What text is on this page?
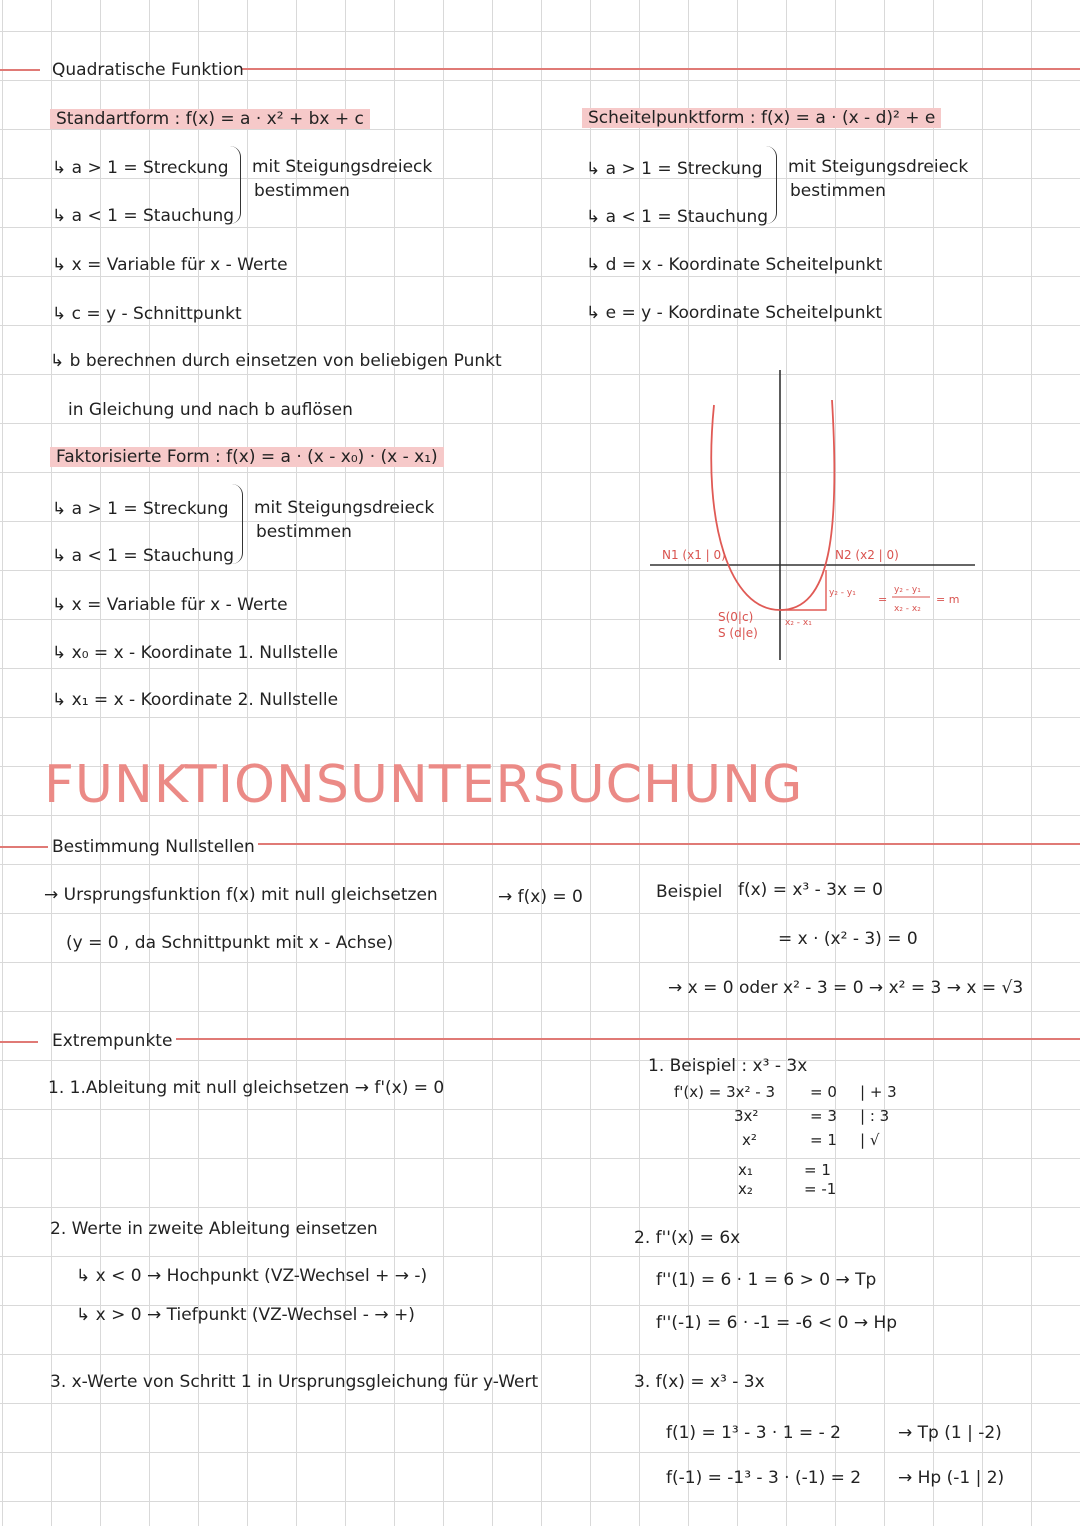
Quadratische Funktion
Standartform : f(x) = a · x² + bx + c
↳ a > 1 = Streckung
↳ a < 1 = Stauchung
mit Steigungsdreieck
bestimmen
↳ x = Variable für x - Werte
↳ c = y - Schnittpunkt
↳ b berechnen durch einsetzen von beliebigen Punkt
in Gleichung und nach b auflösen
Scheitelpunktform : f(x) = a · (x - d)² + e
↳ a > 1 = Streckung
↳ a < 1 = Stauchung
mit Steigungsdreieck
bestimmen
↳ d = x - Koordinate Scheitelpunkt
↳ e = y - Koordinate Scheitelpunkt
Faktorisierte Form : f(x) = a · (x - x₀) · (x - x₁)
↳ a > 1 = Streckung
↳ a < 1 = Stauchung
mit Steigungsdreieck
bestimmen
↳ x = Variable für x - Werte
↳ x₀ = x - Koordinate 1. Nullstelle
↳ x₁ = x - Koordinate 2. Nullstelle
N1 (x1 | 0)	N2 (x2 | 0)
S(0|c)
S (d|e)
y₂ - y₁
x₂ - x₁
=
y₂ - y₁
x₂ - x₂
= m
FUNKTIONSUNTERSUCHUNG
Bestimmung Nullstellen
→ Ursprungsfunktion f(x) mit null gleichsetzen	→ f(x) = 0
(y = 0 , da Schnittpunkt mit x - Achse)
Beispiel f(x) = x³ - 3x = 0
= x · (x² - 3) = 0
→ x = 0 oder x² - 3 = 0 → x² = 3 → x = √3
Extrempunkte
1. 1.Ableitung mit null gleichsetzen → f'(x) = 0
2. Werte in zweite Ableitung einsetzen
↳ x < 0 → Hochpunkt (VZ-Wechsel + → -)
↳ x > 0 → Tiefpunkt (VZ-Wechsel - → +)
3. x-Werte von Schritt 1 in Ursprungsgleichung für y-Wert
1. Beispiel : x³ - 3x
f'(x) = 3x² - 3 = 0 | + 3
3x²	= 3 | : 3
x²	= 1 | √
x₁	= 1
x₂	= -1
2. f''(x) = 6x
f''(1) = 6 · 1 = 6 > 0 → Tp
f''(-1) = 6 · -1 = -6 < 0 → Hp
3. f(x) = x³ - 3x
f(1) = 1³ - 3 · 1 = - 2	→ Tp (1 | -2)
f(-1) = -1³ - 3 · (-1) = 2 → Hp (-1 | 2)
